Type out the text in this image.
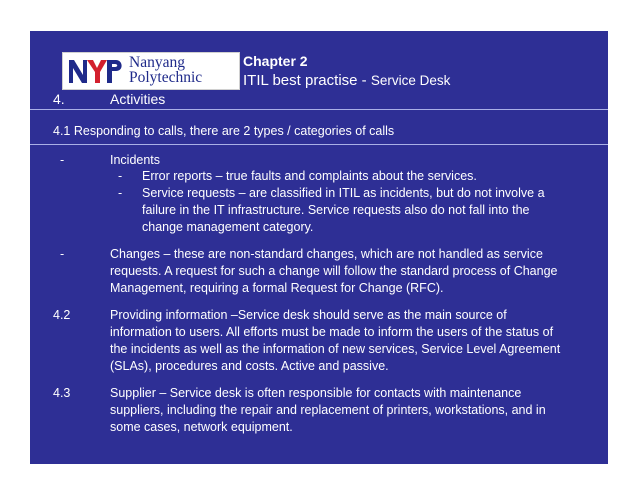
Nanyang
Polytechnic
Chapter 2
ITIL best practise - Service Desk
4.	Activities
4.1 Responding to calls, there are 2 types / categories of calls
-	Incidents
- Error reports – true faults and complaints about the services.
- Service requests – are classified in ITIL as incidents, but do not involve a
failure in the IT infrastructure. Service requests also do not fall into the
change management category.
-	Changes – these are non-standard changes, which are not handled as service
requests. A request for such a change will follow the standard process of Change
Management, requiring a formal Request for Change (RFC).
4.2	Providing information –Service desk should serve as the main source of
information to users. All efforts must be made to inform the users of the status of
the incidents as well as the information of new services, Service Level Agreement
(SLAs), procedures and costs. Active and passive.
4.3	Supplier – Service desk is often responsible for contacts with maintenance
suppliers, including the repair and replacement of printers, workstations, and in
some cases, network equipment.
